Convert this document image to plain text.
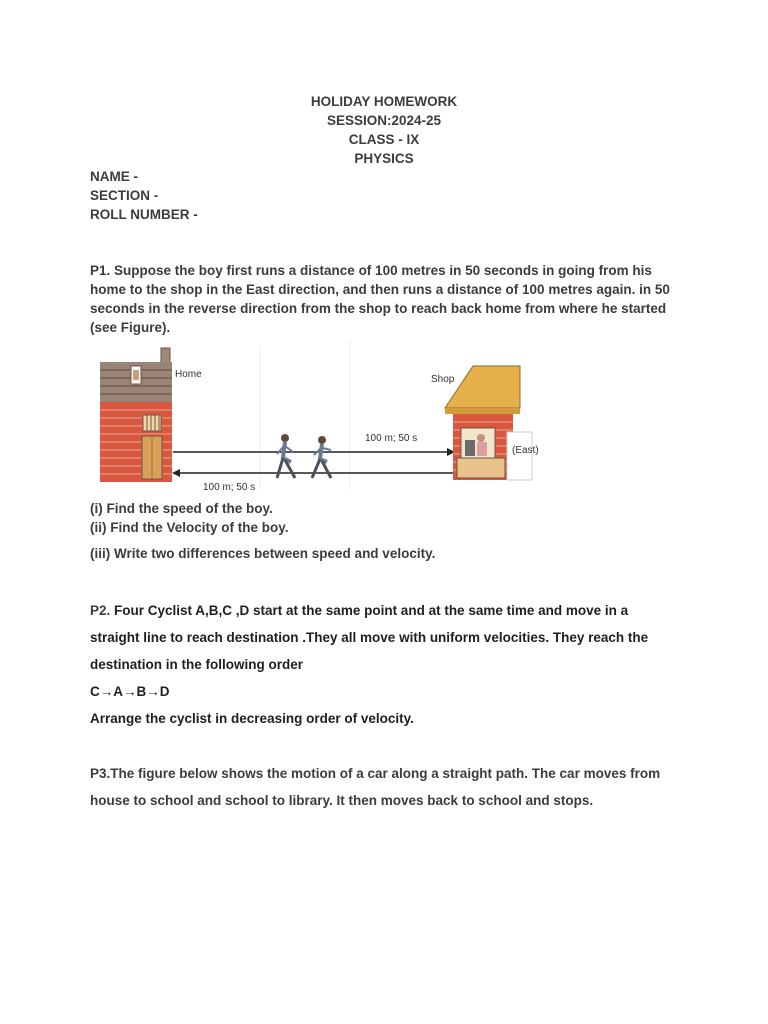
HOLIDAY HOMEWORK
SESSION:2024-25
CLASS - IX
PHYSICS
NAME -
SECTION -
ROLL NUMBER -
P1. Suppose the boy first runs a distance of 100 metres in 50 seconds in going from his home to the shop in the East direction, and then runs a distance of 100 metres again. in 50 seconds in the reverse direction from the shop to reach back home from where he started (see Figure).
Home
100 m; 50 s
100 m; 50 s
Shop
(East)
(i) Find the speed of the boy.
(ii) Find the Velocity of the boy.
(iii) Write two differences between speed and velocity.
P2. Four Cyclist A,B,C ,D start at the same point and at the same time and move in a
straight line to reach destination .They all move with uniform velocities. They reach the
destination in the following order
C→A→B→D
Arrange the cyclist in decreasing order of velocity.
P3.The figure below shows the motion of a car along a straight path. The car moves from
house to school and school to library. It then moves back to school and stops.
